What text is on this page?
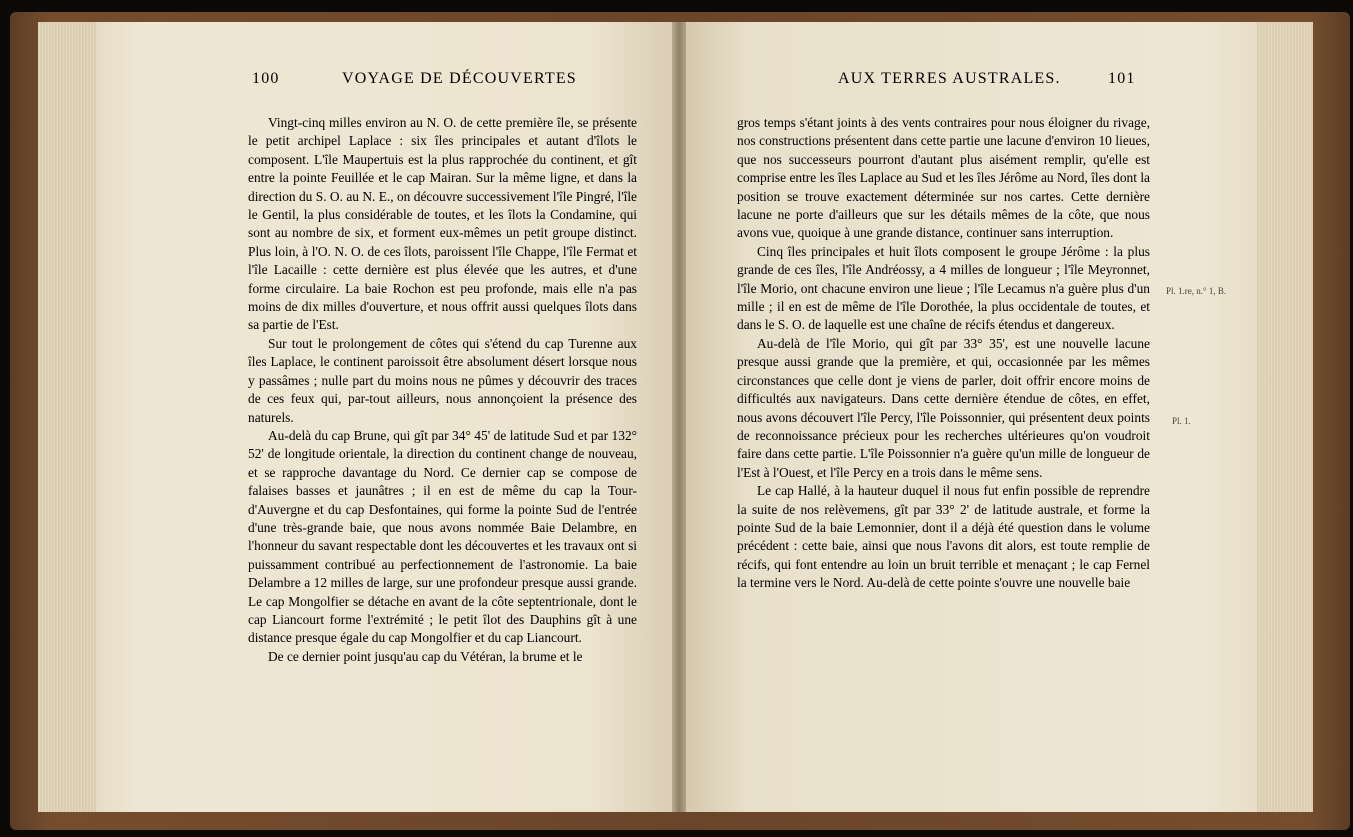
100	VOYAGE DE DÉCOUVERTES	AUX TERRES AUSTRALES.	101

Vingt-cinq milles environ au N. O. de cette première île, se présente le petit archipel Laplace : six îles principales et autant d'îlots le composent. L'île Maupertuis est la plus rapprochée du continent, et gît entre la pointe Feuillée et le cap Mairan. Sur la même ligne, et dans la direction du S. O. au N. E., on découvre successivement l'île Pingré, l'île le Gentil, la plus considérable de toutes, et les îlots la Condamine, qui sont au nombre de six, et forment eux-mêmes un petit groupe distinct. Plus loin, à l'O. N. O. de ces îlots, paroissent l'île Chappe, l'île Fermat et l'île Lacaille : cette dernière est plus élevée que les autres, et d'une forme circulaire. La baie Rochon est peu profonde, mais elle n'a pas moins de dix milles d'ouverture, et nous offrit aussi quelques îlots dans sa partie de l'Est.

Sur tout le prolongement de côtes qui s'étend du cap Turenne aux îles Laplace, le continent paroissoit être absolument désert lorsque nous y passâmes ; nulle part du moins nous ne pûmes y découvrir des traces de ces feux qui, par-tout ailleurs, nous annonçoient la présence des naturels.

Au-delà du cap Brune, qui gît par 34° 45' de latitude Sud et par 132° 52' de longitude orientale, la direction du continent change de nouveau, et se rapproche davantage du Nord. Ce dernier cap se compose de falaises basses et jaunâtres ; il en est de même du cap la Tour-d'Auvergne et du cap Desfontaines, qui forme la pointe Sud de l'entrée d'une très-grande baie, que nous avons nommée Baie Delambre, en l'honneur du savant respectable dont les découvertes et les travaux ont si puissamment contribué au perfectionnement de l'astronomie. La baie Delambre a 12 milles de large, sur une profondeur presque aussi grande. Le cap Mongolfier se détache en avant de la côte septentrionale, dont le cap Liancourt forme l'extrémité ; le petit îlot des Dauphins gît à une distance presque égale du cap Mongolfier et du cap Liancourt.

De ce dernier point jusqu'au cap du Vétéran, la brume et le

gros temps s'étant joints à des vents contraires pour nous éloigner du rivage, nos constructions présentent dans cette partie une lacune d'environ 10 lieues, que nos successeurs pourront d'autant plus aisément remplir, qu'elle est comprise entre les îles Laplace au Sud et les îles Jérôme au Nord, îles dont la position se trouve exactement déterminée sur nos cartes. Cette dernière lacune ne porte d'ailleurs que sur les détails mêmes de la côte, que nous avons vue, quoique à une grande distance, continuer sans interruption.

Cinq îles principales et huit îlots composent le groupe Jérôme : la plus grande de ces îles, l'île Andréossy, a 4 milles de longueur ; l'île Meyronnet, l'île Morio, ont chacune environ une lieue ; l'île Lecamus n'a guère plus d'un mille ; il en est de même de l'île Dorothée, la plus occidentale de toutes, et dans le S. O. de laquelle est une chaîne de récifs étendus et dangereux.

Au-delà de l'île Morio, qui gît par 33° 35', est une nouvelle lacune presque aussi grande que la première, et qui, occasionnée par les mêmes circonstances que celle dont je viens de parler, doit offrir encore moins de difficultés aux navigateurs. Dans cette dernière étendue de côtes, en effet, nous avons découvert l'île Percy, l'île Poissonnier, qui présentent deux points de reconnoissance précieux pour les recherches ultérieures qu'on voudroit faire dans cette partie. L'île Poissonnier n'a guère qu'un mille de longueur de l'Est à l'Ouest, et l'île Percy en a trois dans le même sens.

Le cap Hallé, à la hauteur duquel il nous fut enfin possible de reprendre la suite de nos relèvemens, gît par 33° 2' de latitude australe, et forme la pointe Sud de la baie Lemonnier, dont il a déjà été question dans le volume précédent : cette baie, ainsi que nous l'avons dit alors, est toute remplie de récifs, qui font entendre au loin un bruit terrible et menaçant ; le cap Fernel la termine vers le Nord. Au-delà de cette pointe s'ouvre une nouvelle baie

Pl. 1.re, n.° 1, B.
Pl. 1.
